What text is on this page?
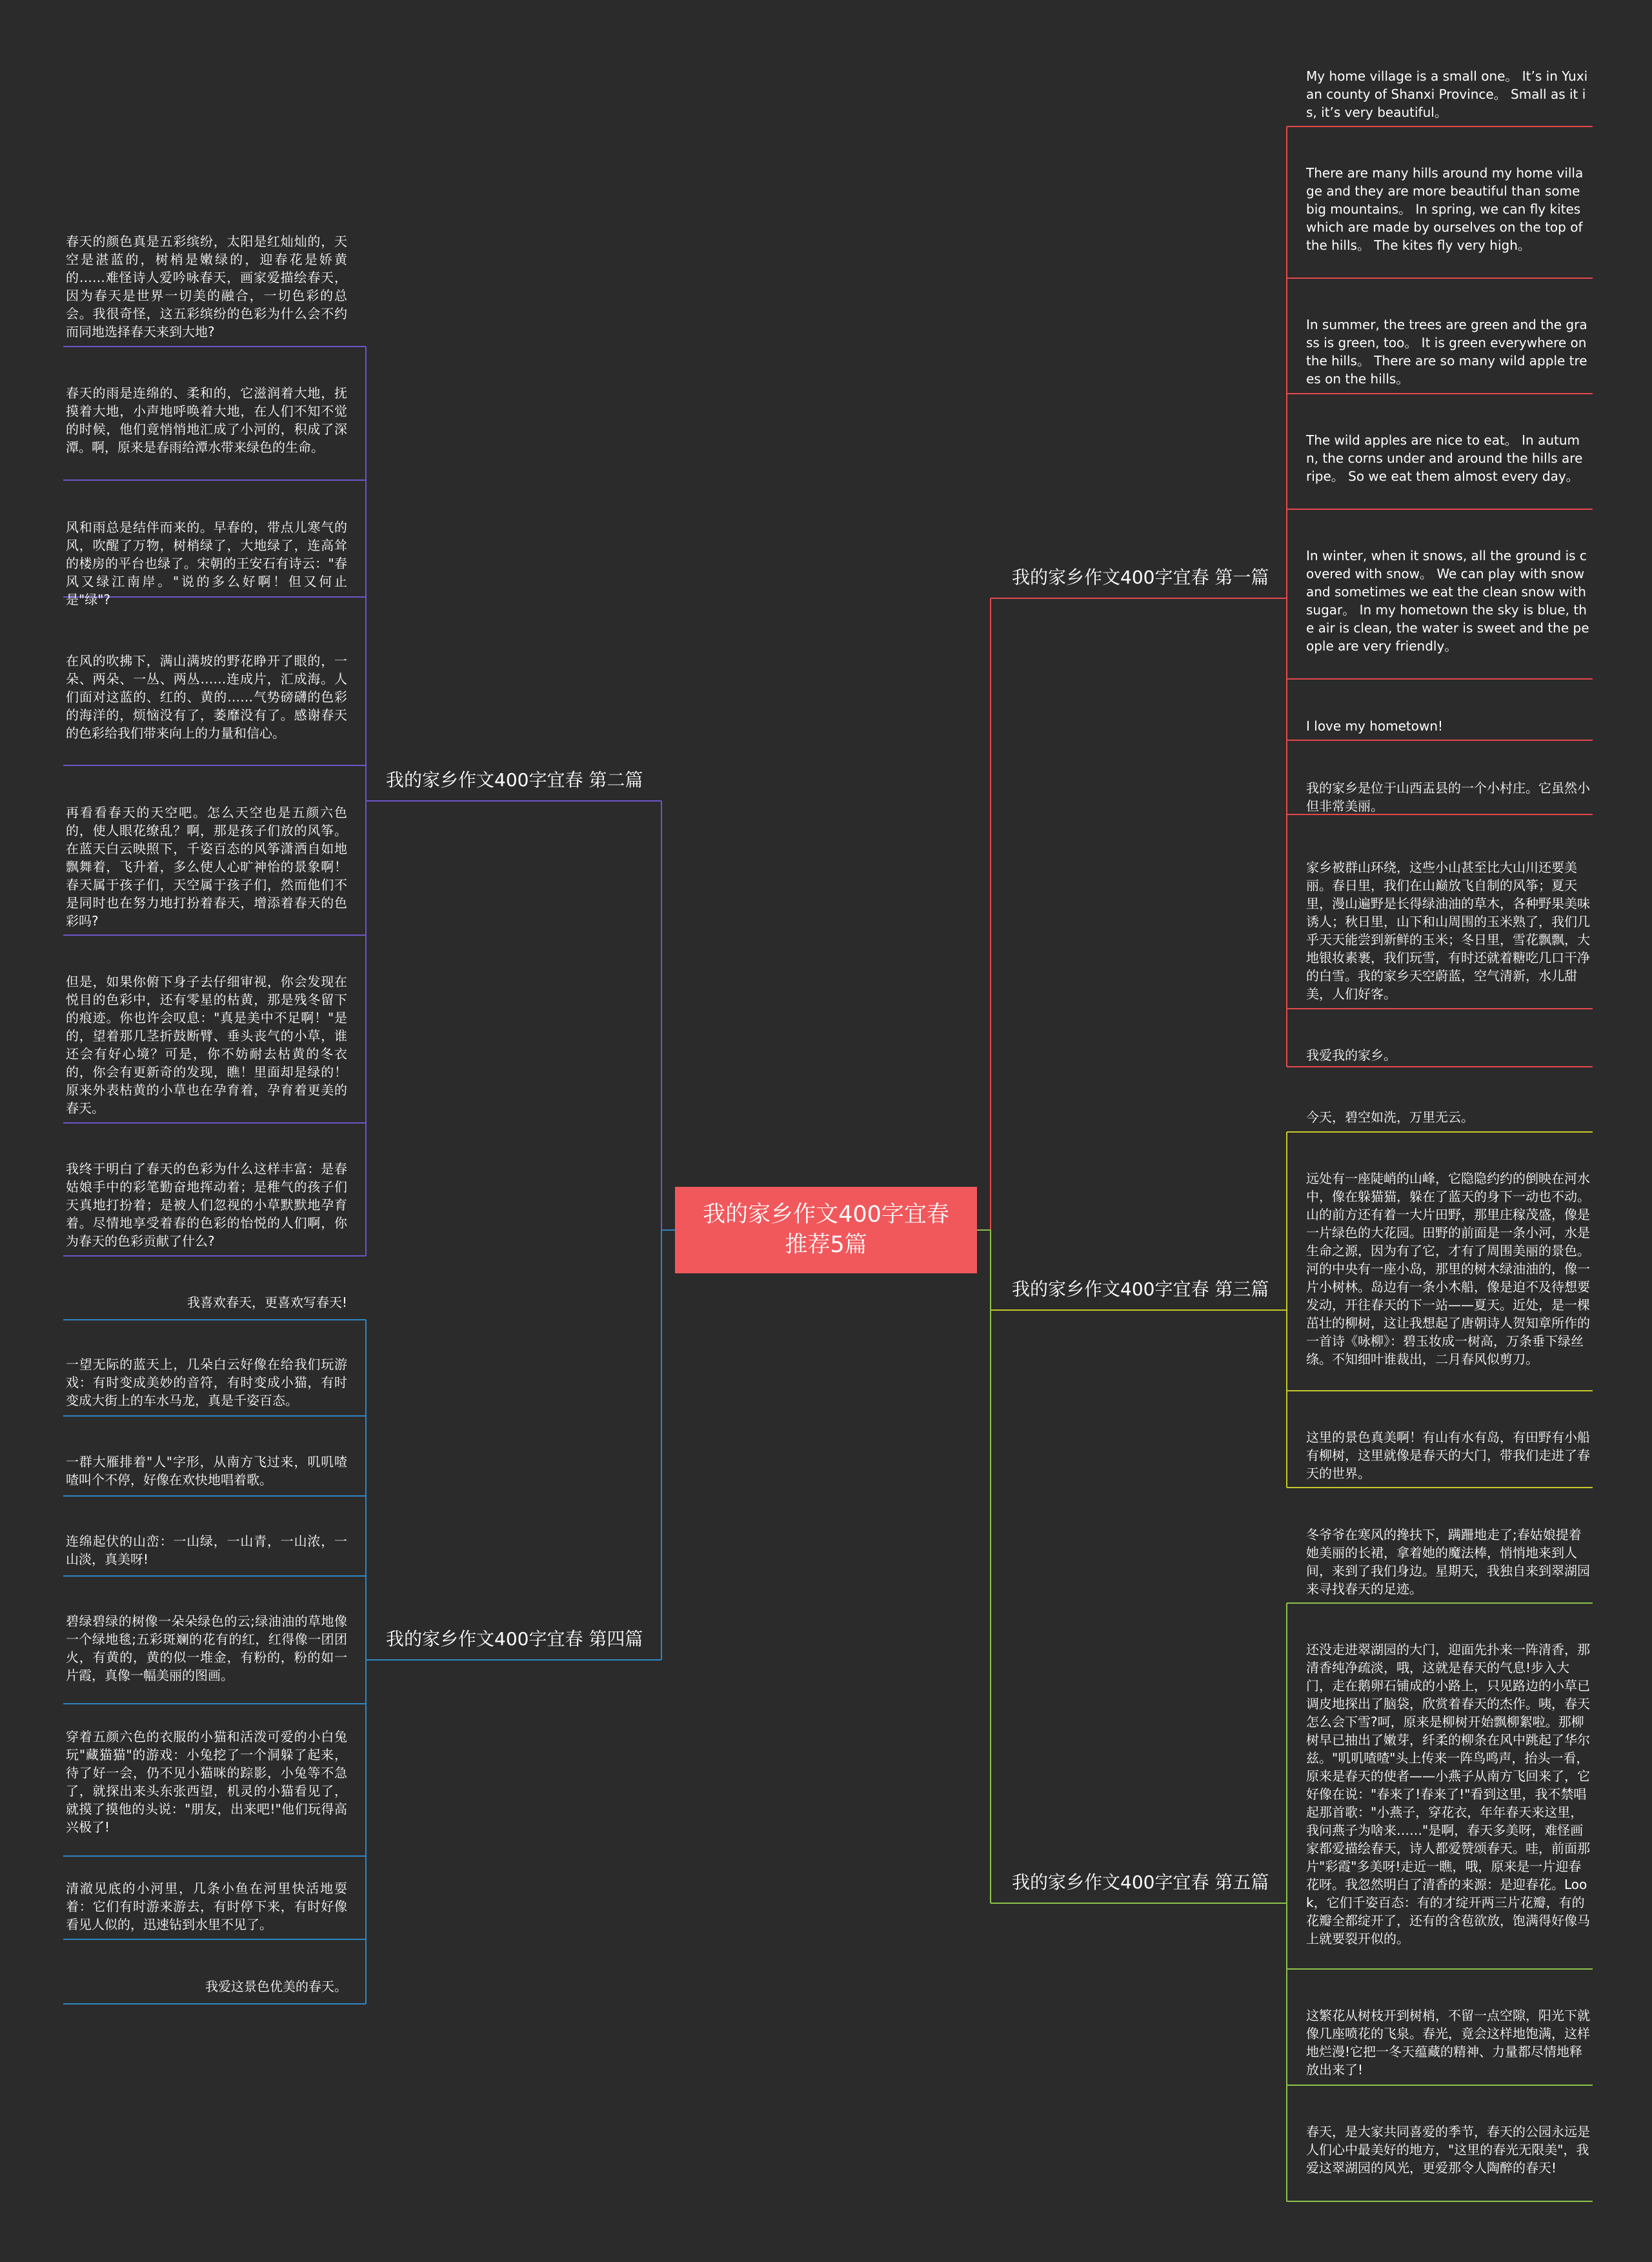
我的家乡作文400字宜春
推荐5篇
我的家乡作文400字宜春 第一篇
我的家乡作文400字宜春 第二篇
我的家乡作文400字宜春 第三篇
我的家乡作文400字宜春 第四篇
我的家乡作文400字宜春 第五篇

My home village is a small one。 It’s in Yuxian county of Shanxi Province。 Small as it is, it’s very beautiful。

There are many hills around my home village and they are more beautiful than some big mountains。 In spring, we can fly kites which are made by ourselves on the top of the hills。 The kites fly very high。

In summer, the trees are green and the grass is green, too。 It is green everywhere on the hills。 There are so many wild apple trees on the hills。

The wild apples are nice to eat。 In autumn, the corns under and around the hills are ripe。 So we eat them almost every day。

In winter, when it snows, all the ground is covered with snow。 We can play with snow and sometimes we eat the clean snow with sugar。 In my hometown the sky is blue, the air is clean, the water is sweet and the people are very friendly。

I love my hometown!

我的家乡是位于山西盂县的一个小村庄。它虽然小但非常美丽。

家乡被群山环绕，这些小山甚至比大山川还要美丽。春日里，我们在山巅放飞自制的风筝；夏天里，漫山遍野是长得绿油油的草木，各种野果美味诱人；秋日里，山下和山周围的玉米熟了，我们几乎天天能尝到新鲜的玉米；冬日里，雪花飘飘，大地银妆素裹，我们玩雪，有时还就着糖吃几口干净的白雪。我的家乡天空蔚蓝，空气清新，水儿甜美，人们好客。

我爱我的家乡。

春天的颜色真是五彩缤纷，太阳是红灿灿的，天空是湛蓝的，树梢是嫩绿的，迎春花是娇黄的……难怪诗人爱吟咏春天，画家爱描绘春天，因为春天是世界一切美的融合，一切色彩的总会。我很奇怪，这五彩缤纷的色彩为什么会不约而同地选择春天来到大地?

春天的雨是连绵的、柔和的，它滋润着大地，抚摸着大地，小声地呼唤着大地，在人们不知不觉的时候，他们竟悄悄地汇成了小河的，积成了深潭。啊，原来是春雨给潭水带来绿色的生命。

风和雨总是结伴而来的。早春的，带点儿寒气的风，吹醒了万物，树梢绿了，大地绿了，连高耸的楼房的平台也绿了。宋朝的王安石有诗云："春风又绿江南岸。"说的多么好啊！但又何止是"绿"?

在风的吹拂下，满山满坡的野花睁开了眼的，一朵、两朵、一丛、两丛……连成片，汇成海。人们面对这蓝的、红的、黄的……气势磅礴的色彩的海洋的，烦恼没有了，萎靡没有了。感谢春天的色彩给我们带来向上的力量和信心。

再看看春天的天空吧。怎么天空也是五颜六色的，使人眼花缭乱？啊，那是孩子们放的风筝。在蓝天白云映照下，千姿百态的风筝潇洒自如地飘舞着，飞升着，多么使人心旷神怡的景象啊！春天属于孩子们，天空属于孩子们，然而他们不是同时也在努力地打扮着春天，增添着春天的色彩吗?

但是，如果你俯下身子去仔细审视，你会发现在悦目的色彩中，还有零星的枯黄，那是残冬留下的痕迹。你也许会叹息："真是美中不足啊！"是的，望着那几茎折鼓断臂、垂头丧气的小草，谁还会有好心境？可是，你不妨耐去枯黄的冬衣的，你会有更新奇的发现，瞧！里面却是绿的！原来外表枯黄的小草也在孕育着，孕育着更美的春天。

我终于明白了春天的色彩为什么这样丰富：是春姑娘手中的彩笔勤奋地挥动着；是稚气的孩子们天真地打扮着；是被人们忽视的小草默默地孕育着。尽情地享受着春的色彩的怡悦的人们啊，你为春天的色彩贡献了什么?

今天，碧空如洗，万里无云。

远处有一座陡峭的山峰，它隐隐约约的倒映在河水中，像在躲猫猫，躲在了蓝天的身下一动也不动。山的前方还有着一大片田野，那里庄稼茂盛，像是一片绿色的大花园。田野的前面是一条小河，水是生命之源，因为有了它，才有了周围美丽的景色。河的中央有一座小岛，那里的树木绿油油的，像一片小树林。岛边有一条小木船，像是迫不及待想要发动，开往春天的下一站——夏天。近处，是一棵茁壮的柳树，这让我想起了唐朝诗人贺知章所作的一首诗《咏柳》：碧玉妆成一树高，万条垂下绿丝绦。不知细叶谁裁出，二月春风似剪刀。

这里的景色真美啊！有山有水有岛，有田野有小船有柳树，这里就像是春天的大门，带我们走进了春天的世界。

我喜欢春天，更喜欢写春天!

一望无际的蓝天上，几朵白云好像在给我们玩游戏：有时变成美妙的音符，有时变成小猫，有时变成大街上的车水马龙，真是千姿百态。

一群大雁排着"人"字形，从南方飞过来，叽叽喳喳叫个不停，好像在欢快地唱着歌。

连绵起伏的山峦：一山绿，一山青，一山浓，一山淡，真美呀!

碧绿碧绿的树像一朵朵绿色的云;绿油油的草地像一个绿地毯;五彩斑斓的花有的红，红得像一团团火，有黄的，黄的似一堆金，有粉的，粉的如一片霞，真像一幅美丽的图画。

穿着五颜六色的衣服的小猫和活泼可爱的小白兔玩"藏猫猫"的游戏：小兔挖了一个洞躲了起来，待了好一会，仍不见小猫咪的踪影，小兔等不急了，就探出来头东张西望，机灵的小猫看见了，就摸了摸他的头说："朋友，出来吧!"他们玩得高兴极了!

清澈见底的小河里，几条小鱼在河里快活地耍着：它们有时游来游去，有时停下来，有时好像看见人似的，迅速钻到水里不见了。

我爱这景色优美的春天。

冬爷爷在寒风的搀扶下，蹒跚地走了;春姑娘提着她美丽的长裙，拿着她的魔法棒，悄悄地来到人间，来到了我们身边。星期天，我独自来到翠湖园来寻找春天的足迹。

还没走进翠湖园的大门，迎面先扑来一阵清香，那清香纯净疏淡，哦，这就是春天的气息!步入大门，走在鹅卵石铺成的小路上，只见路边的小草已调皮地探出了脑袋，欣赏着春天的杰作。咦，春天怎么会下雪?呵，原来是柳树开始飘柳絮啦。那柳树早已抽出了嫩芽，纤柔的柳条在风中跳起了华尔兹。"叽叽喳喳"头上传来一阵鸟鸣声，抬头一看，原来是春天的使者——小燕子从南方飞回来了，它好像在说："春来了!春来了!"看到这里，我不禁唱起那首歌："小燕子，穿花衣，年年春天来这里，我问燕子为啥来……"是啊，春天多美呀，难怪画家都爱描绘春天，诗人都爱赞颂春天。哇，前面那片"彩霞"多美呀!走近一瞧，哦，原来是一片迎春花呀。我忽然明白了清香的来源：是迎春花。Look，它们千姿百态：有的才绽开两三片花瓣，有的花瓣全都绽开了，还有的含苞欲放，饱满得好像马上就要裂开似的。

这繁花从树枝开到树梢，不留一点空隙，阳光下就像几座喷花的飞泉。春光，竟会这样地饱满，这样地烂漫!它把一冬天蕴藏的精神、力量都尽情地释放出来了!

春天，是大家共同喜爱的季节，春天的公园永远是人们心中最美好的地方，"这里的春光无限美"，我爱这翠湖园的风光，更爱那令人陶醉的春天!
